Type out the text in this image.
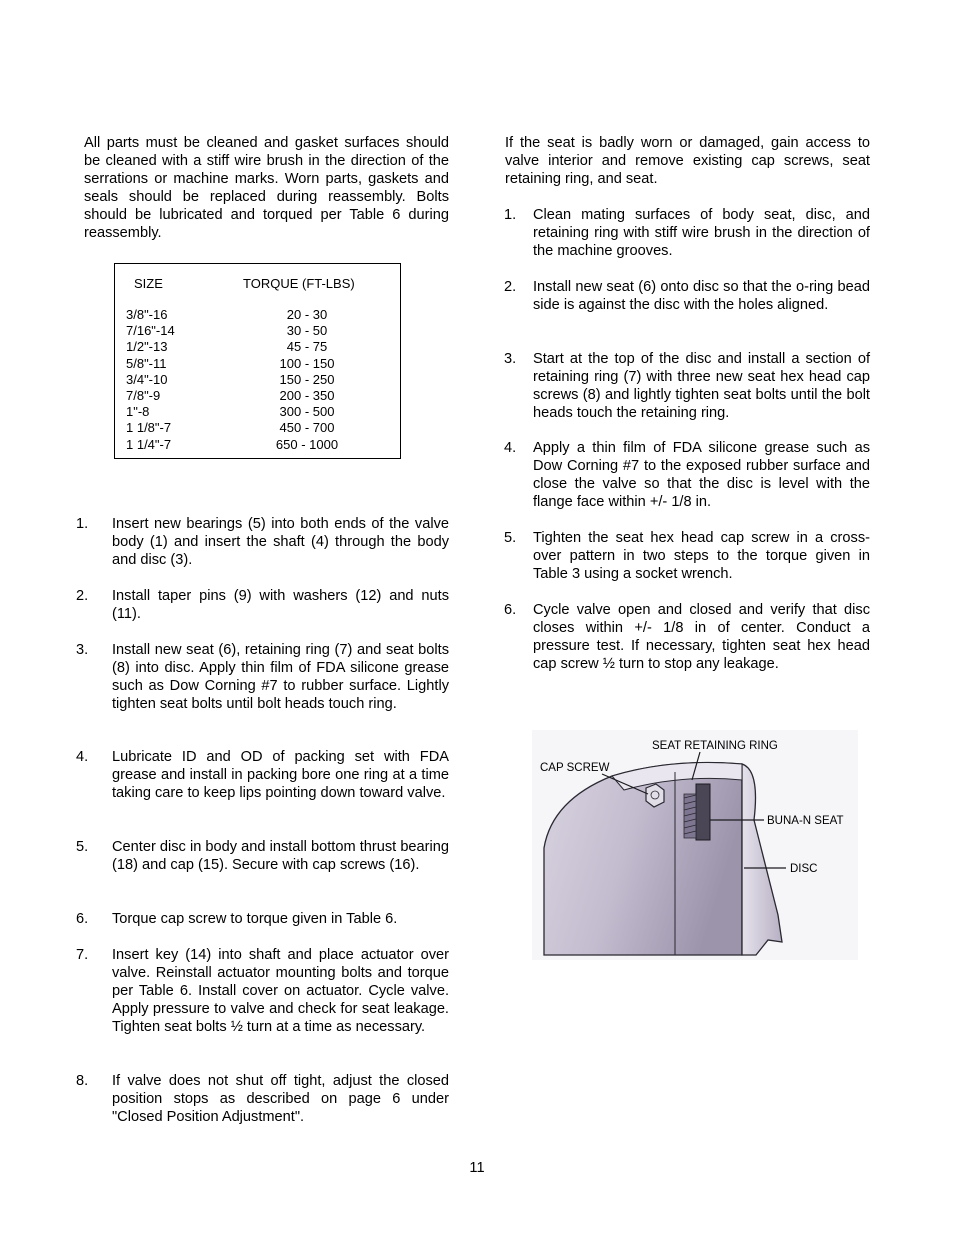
All parts must be cleaned and gasket surfaces should be cleaned with a stiff wire brush in the direction of the serrations or machine marks. Worn parts, gaskets and seals should be replaced during reassembly. Bolts should be lubricated and torqued per Table 6 during reassembly.
SIZE	TORQUE (FT-LBS)
3/8"-16	20 - 30
7/16"-14	30 - 50
1/2"-13	45 - 75
5/8"-11	100 - 150
3/4"-10	150 - 250
7/8"-9	200 - 350
1"-8	300 - 500
1 1/8"-7	450 - 700
1 1/4"-7	650 - 1000
1. Insert new bearings (5) into both ends of the valve body (1) and insert the shaft (4) through the body and disc (3).
2. Install taper pins (9) with washers (12) and nuts (11).
3. Install new seat (6), retaining ring (7) and seat bolts (8) into disc. Apply thin film of FDA silicone grease such as Dow Corning #7 to rubber surface. Lightly tighten seat bolts until bolt heads touch ring.
4. Lubricate ID and OD of packing set with FDA grease and install in packing bore one ring at a time taking care to keep lips pointing down toward valve.
5. Center disc in body and install bottom thrust bearing (18) and cap (15). Secure with cap screws (16).
6. Torque cap screw to torque given in Table 6.
7. Insert key (14) into shaft and place actuator over valve. Reinstall actuator mounting bolts and torque per Table 6. Install cover on actuator. Cycle valve. Apply pressure to valve and check for seat leakage. Tighten seat bolts ½ turn at a time as necessary.
8. If valve does not shut off tight, adjust the closed position stops as described on page 6 under "Closed Position Adjustment".
If the seat is badly worn or damaged, gain access to valve interior and remove existing cap screws, seat retaining ring, and seat.
1. Clean mating surfaces of body seat, disc, and retaining ring with stiff wire brush in the direction of the machine grooves.
2. Install new seat (6) onto disc so that the o-ring bead side is against the disc with the holes aligned.
3. Start at the top of the disc and install a section of retaining ring (7) with three new seat hex head cap screws (8) and lightly tighten seat bolts until the bolt heads touch the retaining ring.
4. Apply a thin film of FDA silicone grease such as Dow Corning #7 to the exposed rubber surface and close the valve so that the disc is level with the flange face within +/- 1/8 in.
5. Tighten the seat hex head cap screw in a cross-over pattern in two steps to the torque given in Table 3 using a socket wrench.
6. Cycle valve open and closed and verify that disc closes within +/- 1/8 in of center. Conduct a pressure test. If necessary, tighten seat hex head cap screw ½ turn to stop any leakage.
SEAT RETAINING RING
CAP SCREW
BUNA-N SEAT
DISC
11
